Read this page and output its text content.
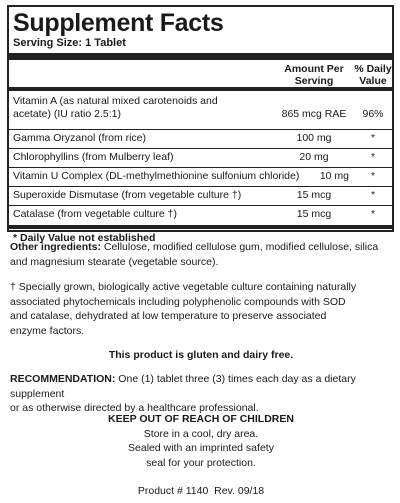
Supplement Facts
Serving Size: 1 Tablet
Amount Per
Serving
% Daily
Value
Vitamin A (as natural mixed carotenoids and
acetate) (IU ratio 2.5:1)	865 mcg RAE	96%
Gamma Oryzanol (from rice)	100 mg	*
Chlorophyllins (from Mulberry leaf)	20 mg	*
Vitamin U Complex (DL-methylmethionine sulfonium chloride)	10 mg	*
Superoxide Dismutase (from vegetable culture †)	15 mcg	*
Catalase (from vegetable culture †)	15 mcg	*
* Daily Value not established
Other ingredients: Cellulose, modified cellulose gum, modified cellulose, silica
and magnesium stearate (vegetable source).
† Specially grown, biologically active vegetable culture containing naturally
associated phytochemicals including polyphenolic compounds with SOD
and catalase, dehydrated at low temperature to preserve associated
enzyme factors.
This product is gluten and dairy free.
RECOMMENDATION: One (1) tablet three (3) times each day as a dietary supplement
or as otherwise directed by a healthcare professional.
KEEP OUT OF REACH OF CHILDREN
Store in a cool, dry area.
Sealed with an imprinted safety
seal for your protection.
Product # 1140  Rev. 09/18
